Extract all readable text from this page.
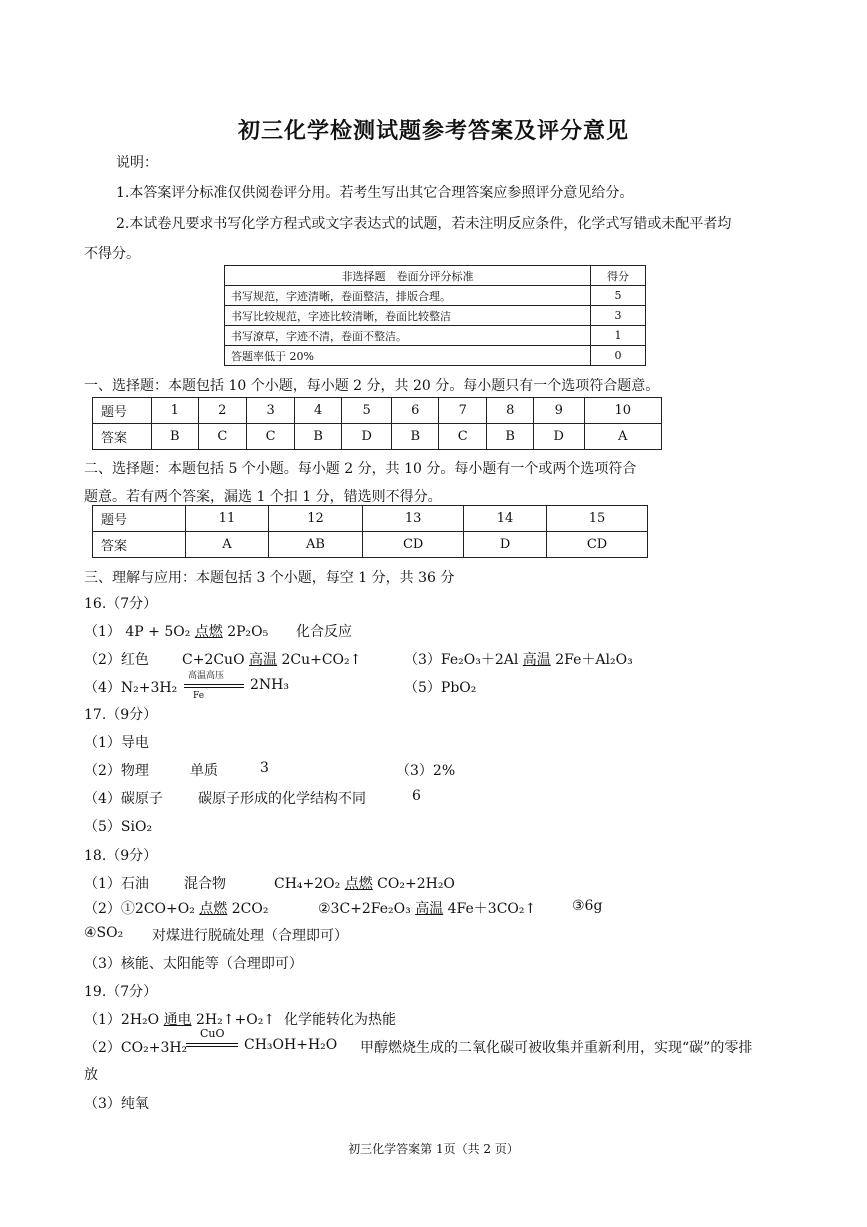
初三化学检测试题参考答案及评分意见
说明：
1.本答案评分标准仅供阅卷评分用。若考生写出其它合理答案应参照评分意见给分。
2.本试卷凡要求书写化学方程式或文字表达式的试题，若未注明反应条件，化学式写错或未配平者均
不得分。
非选择题　卷面分评分标准	得分
书写规范，字迹清晰，卷面整洁，排版合理。	5
书写比较规范，字迹比较清晰，卷面比较整洁	3
书写潦草，字迹不清，卷面不整洁。	1
答题率低于 20%	0
一、选择题：本题包括 10 个小题，每小题 2 分，共 20 分。每小题只有一个选项符合题意。
题号	1	2	3	4	5	6	7	8	9	10
答案	B	C	C	B	D	B	C	B	D	A
二、选择题：本题包括 5 个小题。每小题 2 分，共 10 分。每小题有一个或两个选项符合
题意。若有两个答案，漏选 1 个扣 1 分，错选则不得分。
题号	11	12	13	14	15
答案	A	AB	CD	D	CD
三、理解与应用：本题包括 3 个小题，每空 1 分，共 36 分
16.（7分）
（1） 4P + 5O₂ 点燃 2P₂O₅ 化合反应
（2）红色 C+2CuO 高温 2Cu+CO₂↑	（3）Fe₂O₃＋2Al 高温 2Fe＋Al₂O₃
（4）N₂+3H₂
高温高压
Fe
2NH₃	（5）PbO₂
17.（9分）
（1）导电
（2）物理	单质	3	（3）2%
（4）碳原子	碳原子形成的化学结构不同	6
（5）SiO₂
18.（9分）
（1）石油	混合物	CH₄+2O₂ 点燃 CO₂+2H₂O
（2）①2CO+O₂ 点燃 2CO₂	②3C+2Fe₂O₃ 高温 4Fe＋3CO₂↑	③6g
④SO₂ 对煤进行脱硫处理（合理即可）
（3）核能、太阳能等（合理即可）
19.（7分）
（1）2H₂O 通电 2H₂↑+O₂↑ 化学能转化为热能
（2）CO₂+3H₂
CuO
CH₃OH+H₂O 甲醇燃烧生成的二氧化碳可被收集并重新利用，实现“碳”的零排
放
（3）纯氧
初三化学答案第 1页（共 2 页）
